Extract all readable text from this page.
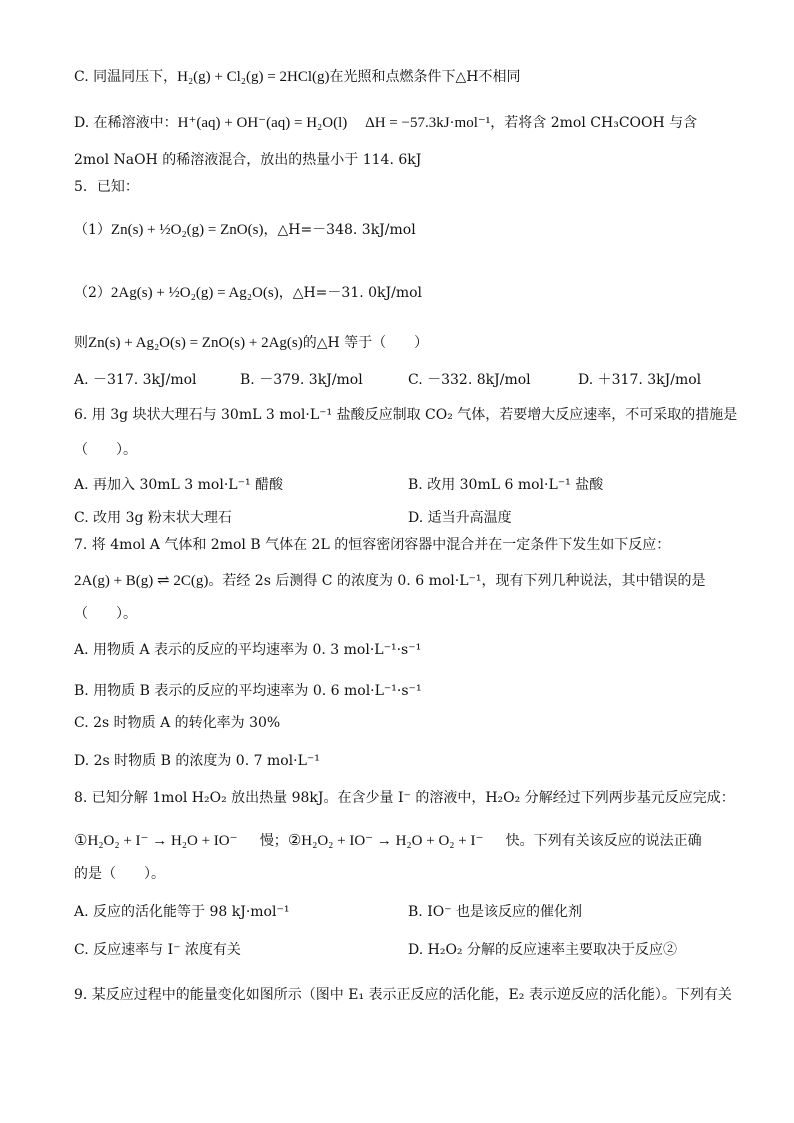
C. 同温同压下，H₂(g) + Cl₂(g) = 2HCl(g)在光照和点燃条件下△H不相同
D. 在稀溶液中：H⁺(aq) + OH⁻(aq) = H₂O(l) ΔH = −57.3kJ·mol⁻¹，若将含 2mol CH₃COOH 与含
2mol NaOH 的稀溶液混合，放出的热量小于 114. 6kJ
5．已知：
（1）Zn(s) + ½O₂(g) = ZnO(s)，△H=－348. 3kJ/mol
（2）2Ag(s) + ½O₂(g) = Ag₂O(s)，△H=－31. 0kJ/mol
则Zn(s) + Ag₂O(s) = ZnO(s) + 2Ag(s)的△H 等于（　　）
A. －317. 3kJ/mol	B. －379. 3kJ/mol	C. －332. 8kJ/mol	D. ＋317. 3kJ/mol
6. 用 3g 块状大理石与 30mL 3 mol·L⁻¹ 盐酸反应制取 CO₂ 气体，若要增大反应速率，不可采取的措施是
（　　）。
A. 再加入 30mL 3 mol·L⁻¹ 醋酸	B. 改用 30mL 6 mol·L⁻¹ 盐酸
C. 改用 3g 粉末状大理石	D. 适当升高温度
7. 将 4mol A 气体和 2mol B 气体在 2L 的恒容密闭容器中混合并在一定条件下发生如下反应：
2A(g) + B(g) ⇌ 2C(g)。若经 2s 后测得 C 的浓度为 0. 6 mol·L⁻¹，现有下列几种说法，其中错误的是
（　　）。
A. 用物质 A 表示的反应的平均速率为 0. 3 mol·L⁻¹·s⁻¹
B. 用物质 B 表示的反应的平均速率为 0. 6 mol·L⁻¹·s⁻¹
C. 2s 时物质 A 的转化率为 30%
D. 2s 时物质 B 的浓度为 0. 7 mol·L⁻¹
8. 已知分解 1mol H₂O₂ 放出热量 98kJ。在含少量 I⁻ 的溶液中，H₂O₂ 分解经过下列两步基元反应完成：
①H₂O₂ + I⁻ → H₂O + IO⁻ 慢；②H₂O₂ + IO⁻ → H₂O + O₂ + I⁻ 快。下列有关该反应的说法正确
的是（　　）。
A. 反应的活化能等于 98 kJ·mol⁻¹	B. IO⁻ 也是该反应的催化剂
C. 反应速率与 I⁻ 浓度有关	D. H₂O₂ 分解的反应速率主要取决于反应②
9. 某反应过程中的能量变化如图所示（图中 E₁ 表示正反应的活化能，E₂ 表示逆反应的活化能）。下列有关
